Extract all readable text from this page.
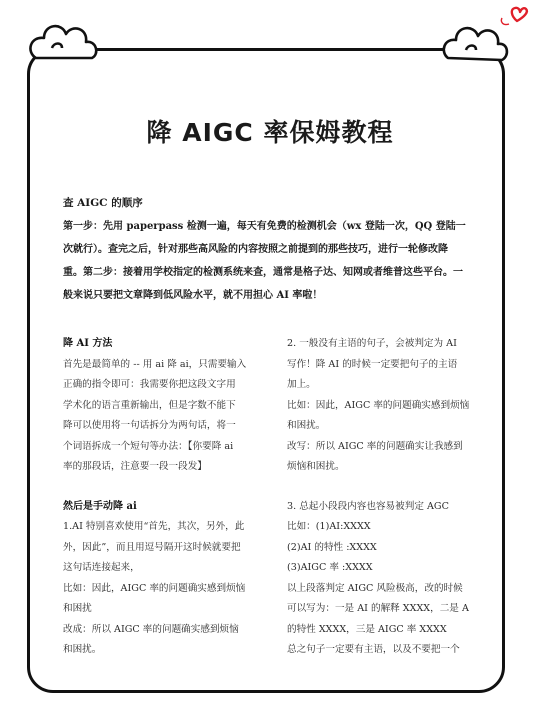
降 AIGC 率保姆教程
查 AIGC 的顺序
第一步：先用 paperpass 检测一遍，每天有免费的检测机会（wx 登陆一次，QQ 登陆一
次就行）。查完之后，针对那些高风险的内容按照之前提到的那些技巧，进行一轮修改降
重。第二步：接着用学校指定的检测系统来查，通常是格子达、知网或者维普这些平台。一
般来说只要把文章降到低风险水平，就不用担心 AI 率啦！
降 AI 方法
首先是最简单的 -- 用 ai 降 ai，只需要输入
正确的指令即可：我需要你把这段文字用
学术化的语言重新输出，但是字数不能下
降可以使用将一句话拆分为两句话，将一
个词语拆成一个短句等办法：【你要降 ai
率的那段话，注意要一段一段发】
然后是手动降 ai
1.AI 特别喜欢使用“首先，其次，另外，此
外，因此”，而且用逗号隔开这时候就要把
这句话连接起来，
比如：因此，AIGC 率的问题确实感到烦恼
和困扰
改成：所以 AIGC 率的问题确实感到烦恼
和困扰。
2. 一般没有主语的句子，会被判定为 AI
写作！降 AI 的时候一定要把句子的主语
加上。
比如：因此，AIGC 率的问题确实感到烦恼
和困扰。
改写：所以 AIGC 率的问题确实让我感到
烦恼和困扰。
3. 总起小段段内容也容易被判定 AGC
比如：(1)AI:XXXX
(2)AI 的特性 :XXXX
(3)AIGC 率 :XXXX
以上段落判定 AIGC 风险极高，改的时候
可以写为：一是 AI 的解释 XXXX，二是 A
的特性 XXXX，三是 AIGC 率 XXXX
总之句子一定要有主语，以及不要把一个
